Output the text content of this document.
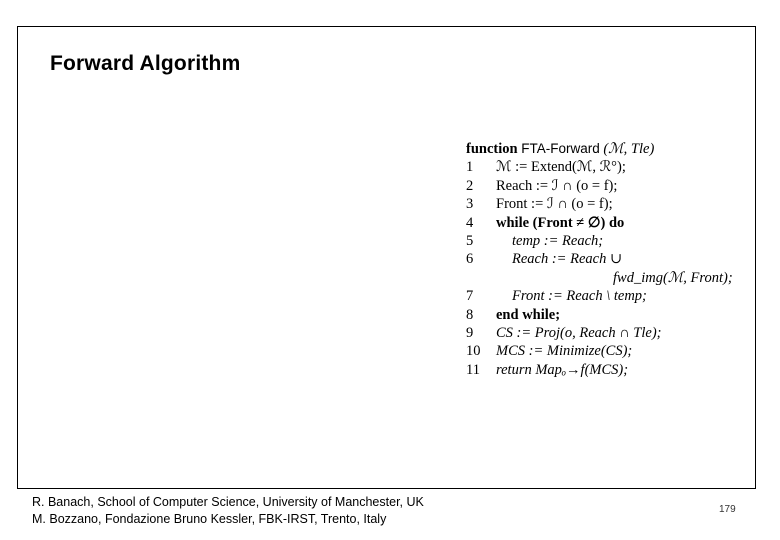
Forward Algorithm
function FTA-Forward (ℳ, Tle)
1	ℳ := Extend(ℳ, ℛ°);
2	Reach := ℐ ∩ (o = f);
3	Front := ℐ ∩ (o = f);
4	while (Front ≠ ∅) do
5	temp := Reach;
6	Reach := Reach ∪
fwd_img(ℳ, Front);
7	Front := Reach \ temp;
8	end while;
9	CS := Proj(o, Reach ∩ Tle);
10	MCS := Minimize(CS);
11	return Mapₒ→f(MCS);
R. Banach, School of Computer Science, University of Manchester, UK
M. Bozzano, Fondazione Bruno Kessler, FBK-IRST, Trento, Italy
179
